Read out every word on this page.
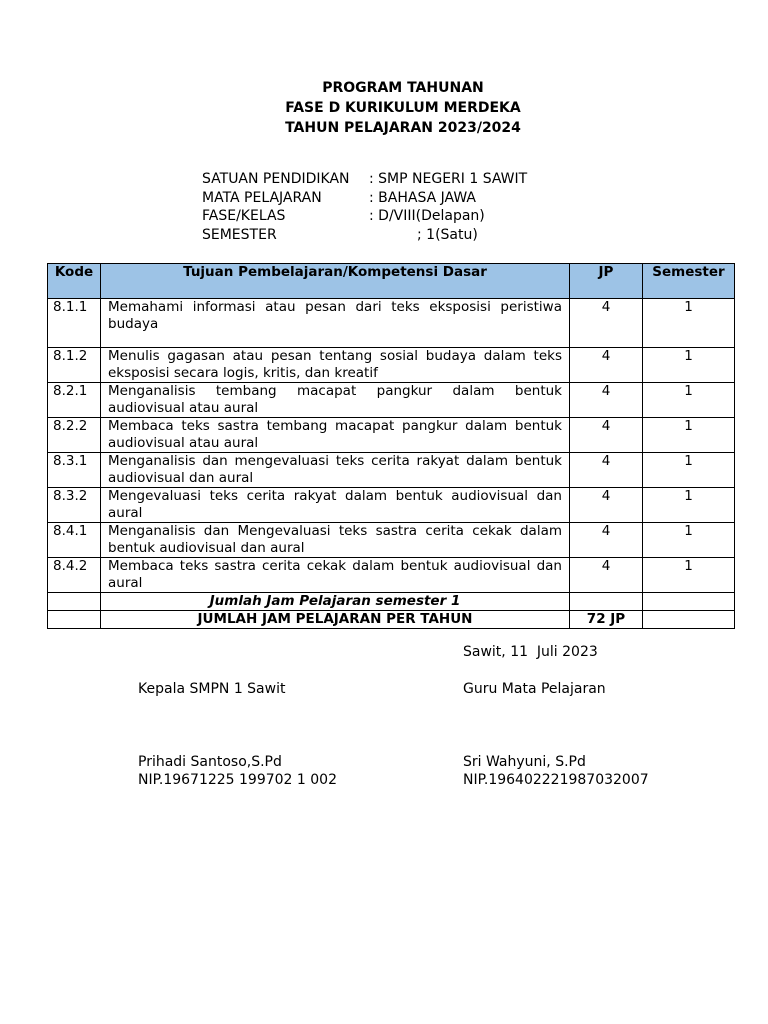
PROGRAM TAHUNAN
FASE D KURIKULUM MERDEKA
TAHUN PELAJARAN 2023/2024
SATUAN PENDIDIKAN : SMP NEGERI 1 SAWIT
MATA PELAJARAN	: BAHASA JAWA
FASE/KELAS	: D/VIII(Delapan)
SEMESTER	; 1(Satu)
Kode	Tujuan Pembelajaran/Kompetensi Dasar	JP	Semester
8.1.1	Memahami informasi atau pesan dari teks eksposisi peristiwa budaya	4	1
8.1.2	Menulis gagasan atau pesan tentang sosial budaya dalam teks eksposisi secara logis, kritis, dan kreatif	4	1
8.2.1	Menganalisis tembang macapat pangkur dalam bentuk audiovisual atau aural	4	1
8.2.2	Membaca teks sastra tembang macapat pangkur dalam bentuk audiovisual atau aural	4	1
8.3.1	Menganalisis dan mengevaluasi teks cerita rakyat dalam bentuk audiovisual dan aural	4	1
8.3.2	Mengevaluasi teks cerita rakyat dalam bentuk audiovisual dan aural	4	1
8.4.1	Menganalisis dan Mengevaluasi teks sastra cerita cekak dalam bentuk audiovisual dan aural	4	1
8.4.2	Membaca teks sastra cerita cekak dalam bentuk audiovisual dan aural	4	1
	Jumlah Jam Pelajaran semester 1		
	JUMLAH JAM PELAJARAN PER TAHUN	72 JP	
Sawit, 11  Juli 2023
Kepala SMPN 1 Sawit	Guru Mata Pelajaran
Prihadi Santoso,S.Pd
NIP.19671225 199702 1 002
Sri Wahyuni, S.Pd
NIP.196402221987032007
